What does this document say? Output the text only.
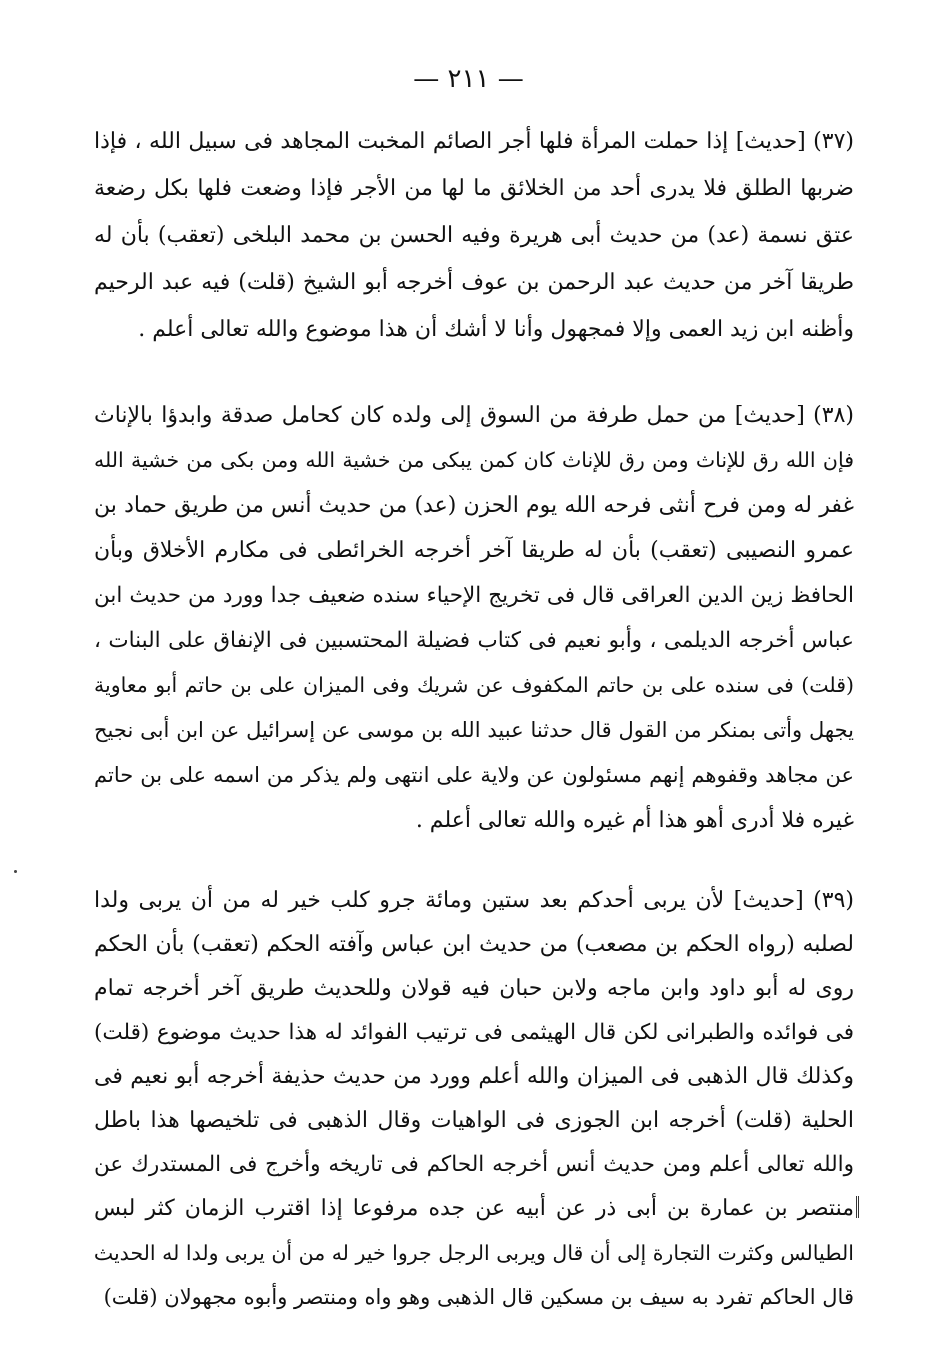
— ٢١١ —
(٣٧) [حديث] إذا حملت المرأة فلها أجر الصائم المخبت المجاهد فى سبيل الله ، فإذا
ضربها الطلق فلا يدرى أحد من الخلائق ما لها من الأجر فإذا وضعت فلها بكل رضعة
عتق نسمة (عد) من حديث أبى هريرة وفيه الحسن بن محمد البلخى (تعقب) بأن له
طريقا آخر من حديث عبد الرحمن بن عوف أخرجه أبو الشيخ (قلت) فيه عبد الرحيم
وأظنه ابن زيد العمى وإلا فمجهول وأنا لا أشك أن هذا موضوع والله تعالى أعلم .
(٣٨) [حديث] من حمل طرفة من السوق إلى ولده كان كحامل صدقة وابدؤا بالإناث
فإن الله رق للإناث ومن رق للإناث كان كمن يبكى من خشية الله ومن بكى من خشية الله
غفر له ومن فرح أنثى فرحه الله يوم الحزن (عد) من حديث أنس من طريق حماد بن
عمرو النصيبى (تعقب) بأن له طريقا آخر أخرجه الخرائطى فى مكارم الأخلاق وبأن
الحافظ زين الدين العراقى قال فى تخريج الإحياء سنده ضعيف جدا وورد من حديث ابن
عباس أخرجه الديلمى ، وأبو نعيم فى كتاب فضيلة المحتسبين فى الإنفاق على البنات ،
(قلت) فى سنده على بن حاتم المكفوف عن شريك وفى الميزان على بن حاتم أبو معاوية
يجهل وأتى بمنكر من القول قال حدثنا عبيد الله بن موسى عن إسرائيل عن ابن أبى نجيح
عن مجاهد وقفوهم إنهم مسئولون عن ولاية على انتهى ولم يذكر من اسمه على بن حاتم
غيره فلا أدرى أهو هذا أم غيره والله تعالى أعلم .
(٣٩) [حديث] لأن يربى أحدكم بعد ستين ومائة جرو كلب خير له من أن يربى ولدا
لصلبه (رواه الحكم بن مصعب) من حديث ابن عباس وآفته الحكم (تعقب) بأن الحكم
روى له أبو داود وابن ماجه ولابن حبان فيه قولان وللحديث طريق آخر أخرجه تمام
فى فوائده والطبرانى لكن قال الهيثمى فى ترتيب الفوائد له هذا حديث موضوع (قلت)
وكذلك قال الذهبى فى الميزان والله أعلم وورد من حديث حذيفة أخرجه أبو نعيم فى
الحلية (قلت) أخرجه ابن الجوزى فى الواهيات وقال الذهبى فى تلخيصها هذا باطل
والله تعالى أعلم ومن حديث أنس أخرجه الحاكم فى تاريخه وأخرج فى المستدرك عن
منتصر بن عمارة بن أبى ذر عن أبيه عن جده مرفوعا إذا اقترب الزمان كثر لبس
الطيالس وكثرت التجارة إلى أن قال ويربى الرجل جروا خير له من أن يربى ولدا له الحديث
قال الحاكم تفرد به سيف بن مسكين قال الذهبى وهو واه ومنتصر وأبوه مجهولان (قلت)
